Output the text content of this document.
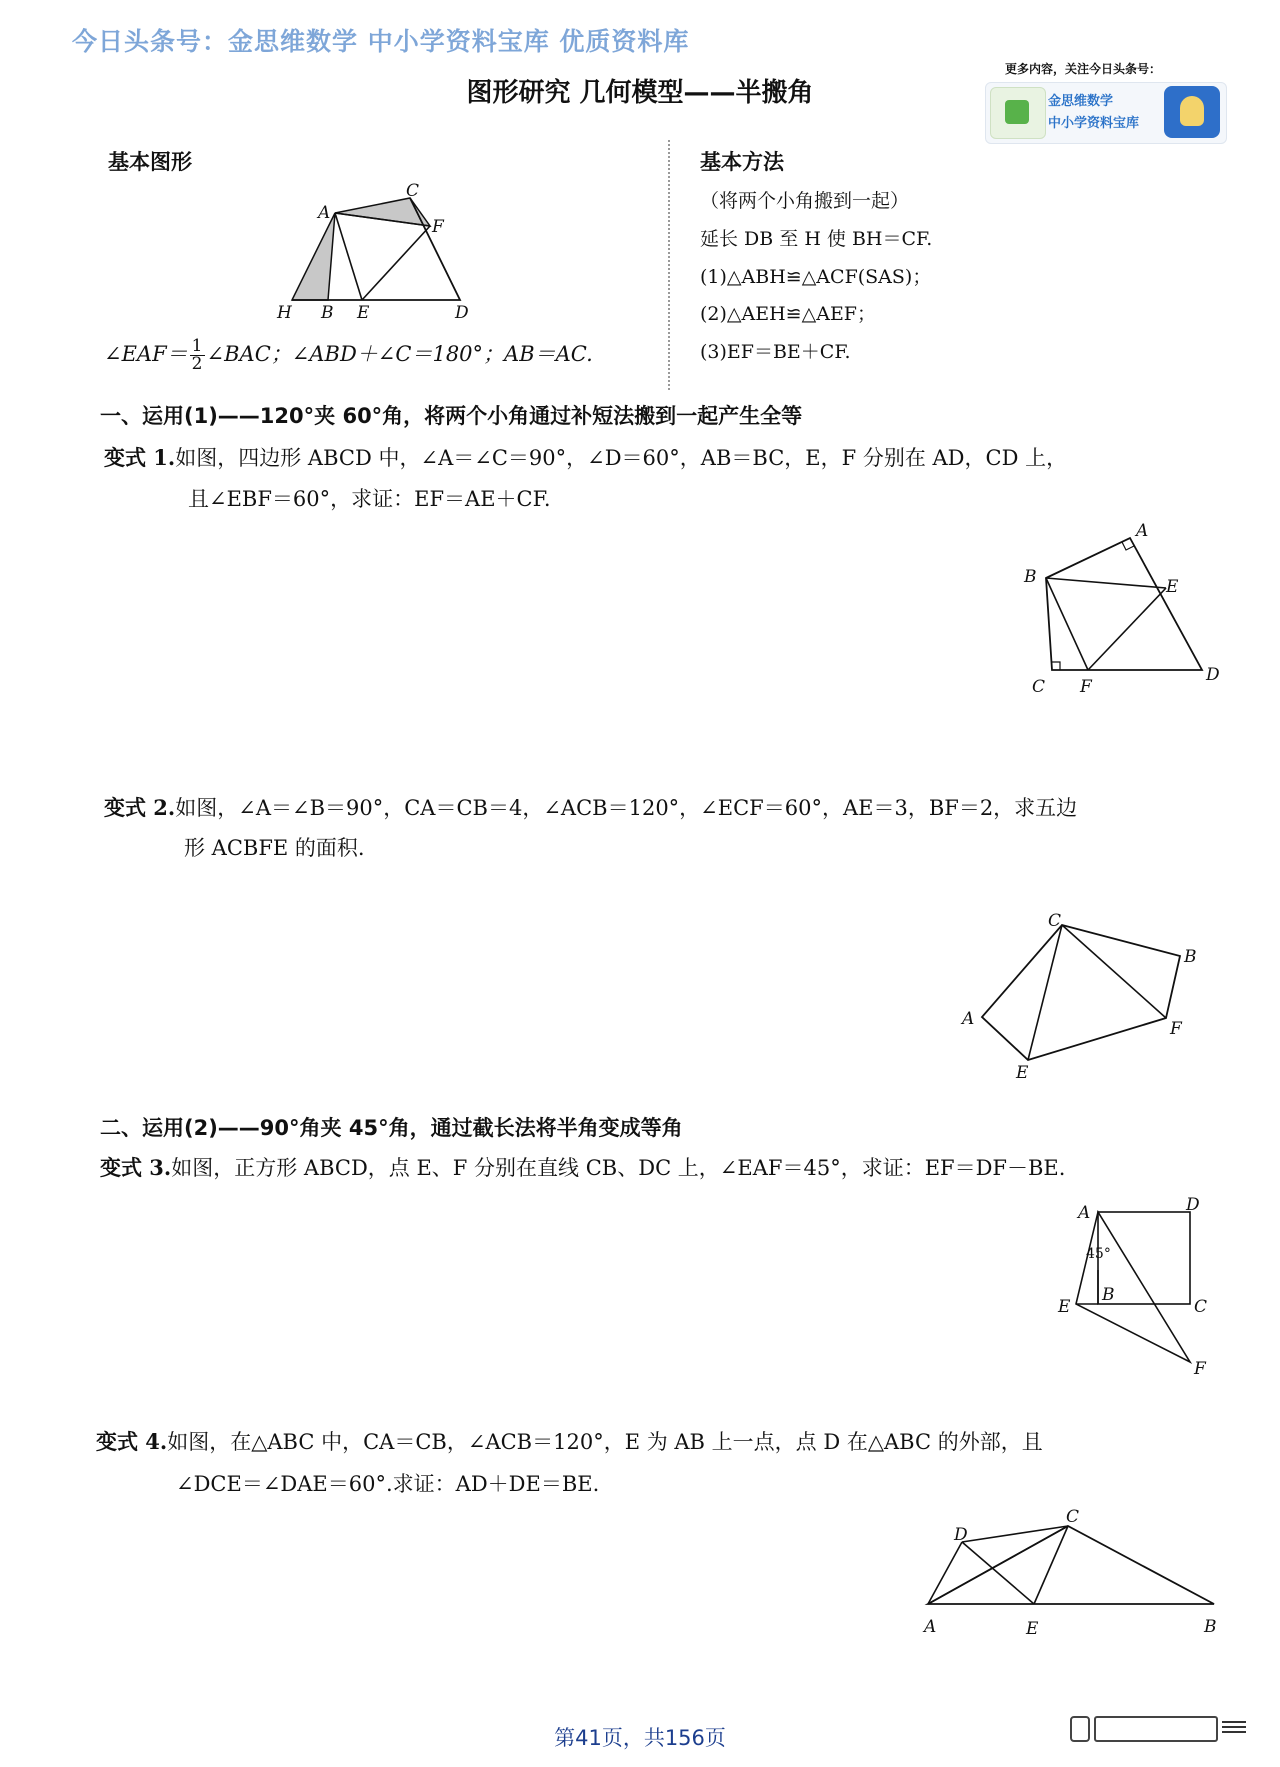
今日头条号：金思维数学 中小学资料宝库 优质资料库
图形研究 几何模型——半搬角
更多内容，关注今日头条号：
金思维数学
中小学资料宝库
基本图形
A
C
F
H B E	D
∠EAF＝ $\frac{1}{2}$ ∠BAC；∠ABD＋∠C＝180°；AB＝AC.
基本方法
（将两个小角搬到一起）
延长 DB 至 H 使 BH＝CF.
(1)△ABH≌△ACF(SAS)；
(2)△AEH≌△AEF；
(3)EF＝BE＋CF.
一、运用(1)——120°夹 60°角，将两个小角通过补短法搬到一起产生全等
变式 1.如图，四边形 ABCD 中，∠A＝∠C＝90°，∠D＝60°，AB＝BC，E，F 分别在 AD，CD 上，
且∠EBF＝60°，求证：EF＝AE＋CF.
A
B
C
D
E
F
变式 2.如图，∠A＝∠B＝90°，CA＝CB＝4，∠ACB＝120°，∠ECF＝60°，AE＝3，BF＝2，求五边
形 ACBFE 的面积.
C
B
F
E
A
二、运用(2)——90°角夹 45°角，通过截长法将半角变成等角
变式 3.如图，正方形 ABCD，点 E、F 分别在直线 CB、DC 上，∠EAF＝45°，求证：EF＝DF－BE.
A	D
B
C
E
F
45°
变式 4.如图，在△ABC 中，CA＝CB，∠ACB＝120°，E 为 AB 上一点，点 D 在△ABC 的外部，且
∠DCE＝∠DAE＝60°.求证：AD＋DE＝BE.
D
C
A	E	B
第41页，共156页
